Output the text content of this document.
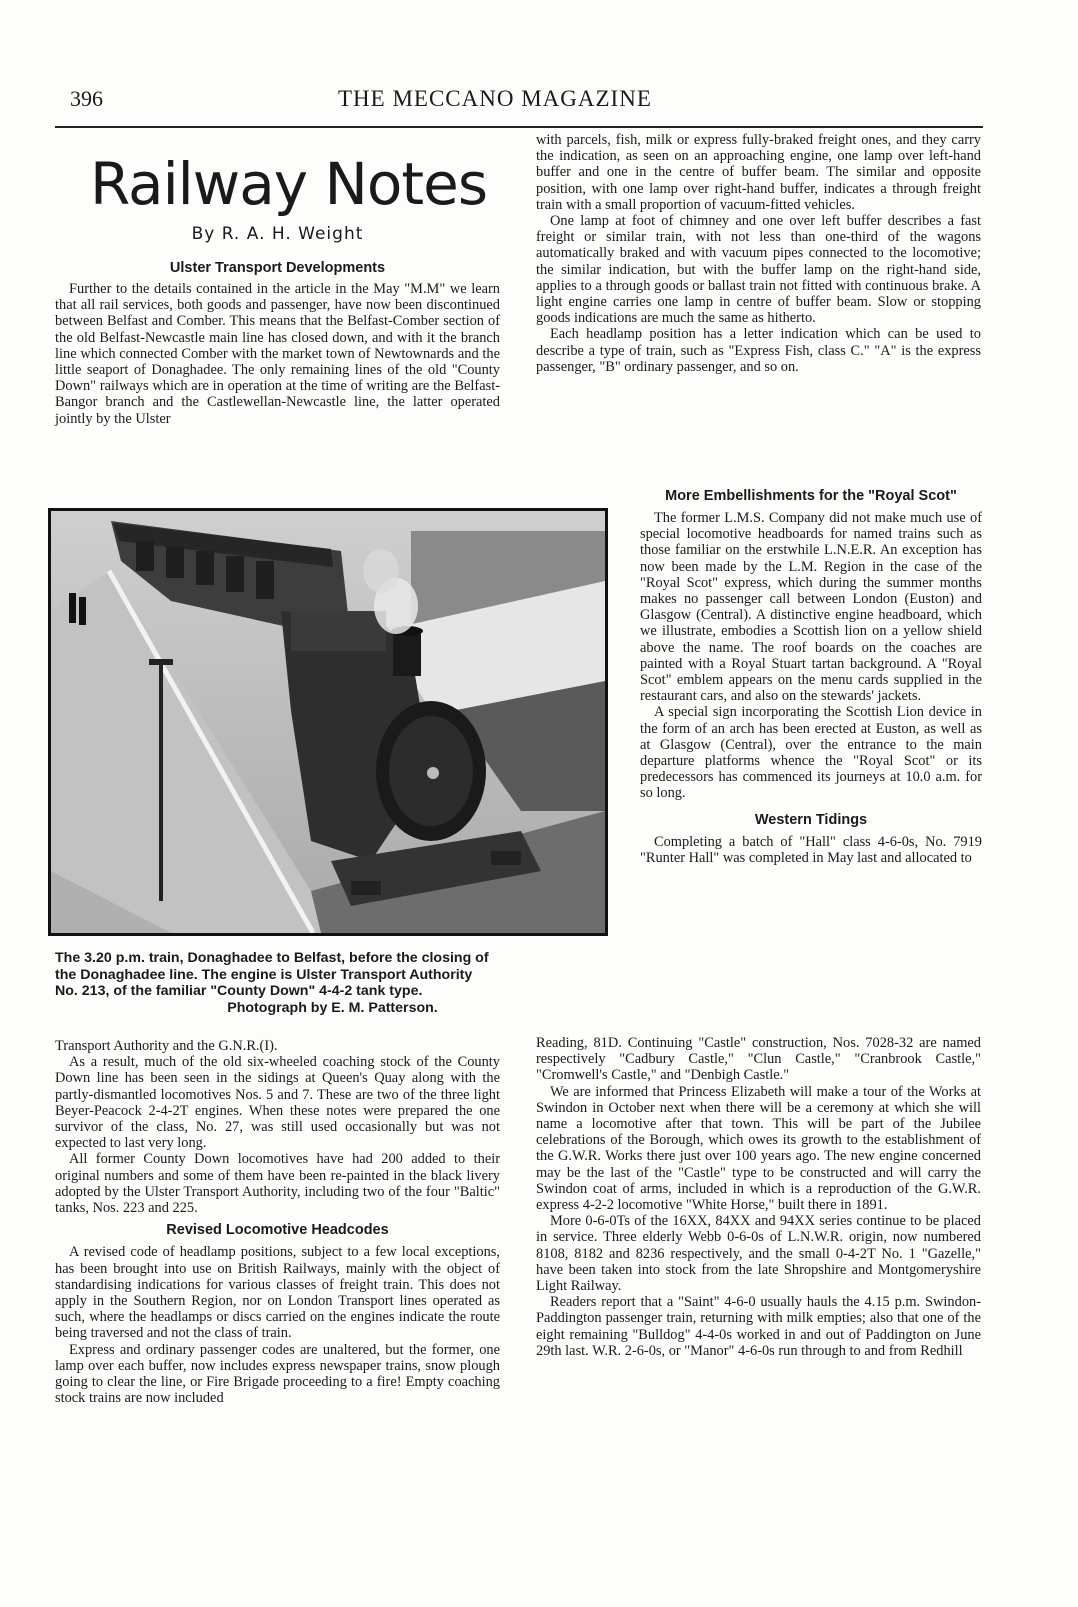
396	THE MECCANO MAGAZINE
Railway Notes
By R. A. H. Weight
Ulster Transport Developments

Further to the details contained in the article in the May "M.M" we learn that all rail services, both goods and passenger, have now been discontinued between Belfast and Comber. This means that the Belfast-Comber section of the old Belfast-Newcastle main line has closed down, and with it the branch line which connected Comber with the market town of Newtownards and the little seaport of Donaghadee. The only remaining lines of the old "County Down" railways which are in operation at the time of writing are the Belfast-Bangor branch and the Castlewellan-Newcastle line, the latter operated jointly by the Ulster

with parcels, fish, milk or express fully-braked freight ones, and they carry the indication, as seen on an approaching engine, one lamp over left-hand buffer and one in the centre of buffer beam. The similar and opposite position, with one lamp over right-hand buffer, indicates a through freight train with a small proportion of vacuum-fitted vehicles.

One lamp at foot of chimney and one over left buffer describes a fast freight or similar train, with not less than one-third of the wagons automatically braked and with vacuum pipes connected to the locomotive; the similar indication, but with the buffer lamp on the right-hand side, applies to a through goods or ballast train not fitted with continuous brake. A light engine carries one lamp in centre of buffer beam. Slow or stopping goods indications are much the same as hitherto.

Each headlamp position has a letter indication which can be used to describe a type of train, such as "Express Fish, class C." "A" is the express passenger, "B" ordinary passenger, and so on.

The 3.20 p.m. train, Donaghadee to Belfast, before the closing of
the Donaghadee line. The engine is Ulster Transport Authority
No. 213, of the familiar "County Down" 4-4-2 tank type.
Photograph by E. M. Patterson.
More Embellishments for the "Royal Scot"

The former L.M.S. Company did not make much use of special locomotive headboards for named trains such as those familiar on the erstwhile L.N.E.R. An exception has now been made by the L.M. Region in the case of the "Royal Scot" express, which during the summer months makes no passenger call between London (Euston) and Glasgow (Central). A distinctive engine headboard, which we illustrate, embodies a Scottish lion on a yellow shield above the name. The roof boards on the coaches are painted with a Royal Stuart tartan background. A "Royal Scot" emblem appears on the menu cards supplied in the restaurant cars, and also on the stewards' jackets.

A special sign incorporating the Scottish Lion device in the form of an arch has been erected at Euston, as well as at Glasgow (Central), over the entrance to the main departure platforms whence the "Royal Scot" or its predecessors has commenced its journeys at 10.0 a.m. for so long.

Western Tidings

Completing a batch of "Hall" class 4-6-0s, No. 7919 "Runter Hall" was completed in May last and allocated to

Transport Authority and the G.N.R.(I).

As a result, much of the old six-wheeled coaching stock of the County Down line has been seen in the sidings at Queen's Quay along with the partly-dismantled locomotives Nos. 5 and 7. These are two of the three light Beyer-Peacock 2-4-2T engines. When these notes were prepared the one survivor of the class, No. 27, was still used occasionally but was not expected to last very long.

All former County Down locomotives have had 200 added to their original numbers and some of them have been re-painted in the black livery adopted by the Ulster Transport Authority, including two of the four "Baltic" tanks, Nos. 223 and 225.

Revised Locomotive Headcodes

A revised code of headlamp positions, subject to a few local exceptions, has been brought into use on British Railways, mainly with the object of standardising indications for various classes of freight train. This does not apply in the Southern Region, nor on London Transport lines operated as such, where the headlamps or discs carried on the engines indicate the route being traversed and not the class of train.

Express and ordinary passenger codes are unaltered, but the former, one lamp over each buffer, now includes express newspaper trains, snow plough going to clear the line, or Fire Brigade proceeding to a fire! Empty coaching stock trains are now included

Reading, 81D. Continuing "Castle" construction, Nos. 7028-32 are named respectively "Cadbury Castle," "Clun Castle," "Cranbrook Castle," "Cromwell's Castle," and "Denbigh Castle."

We are informed that Princess Elizabeth will make a tour of the Works at Swindon in October next when there will be a ceremony at which she will name a locomotive after that town. This will be part of the Jubilee celebrations of the Borough, which owes its growth to the establishment of the G.W.R. Works there just over 100 years ago. The new engine concerned may be the last of the "Castle" type to be constructed and will carry the Swindon coat of arms, included in which is a reproduction of the G.W.R. express 4-2-2 locomotive "White Horse," built there in 1891.

More 0-6-0Ts of the 16XX, 84XX and 94XX series continue to be placed in service. Three elderly Webb 0-6-0s of L.N.W.R. origin, now numbered 8108, 8182 and 8236 respectively, and the small 0-4-2T No. 1 "Gazelle," have been taken into stock from the late Shropshire and Montgomeryshire Light Railway.

Readers report that a "Saint" 4-6-0 usually hauls the 4.15 p.m. Swindon-Paddington passenger train, returning with milk empties; also that one of the eight remaining "Bulldog" 4-4-0s worked in and out of Paddington on June 29th last. W.R. 2-6-0s, or "Manor" 4-6-0s run through to and from Redhill
